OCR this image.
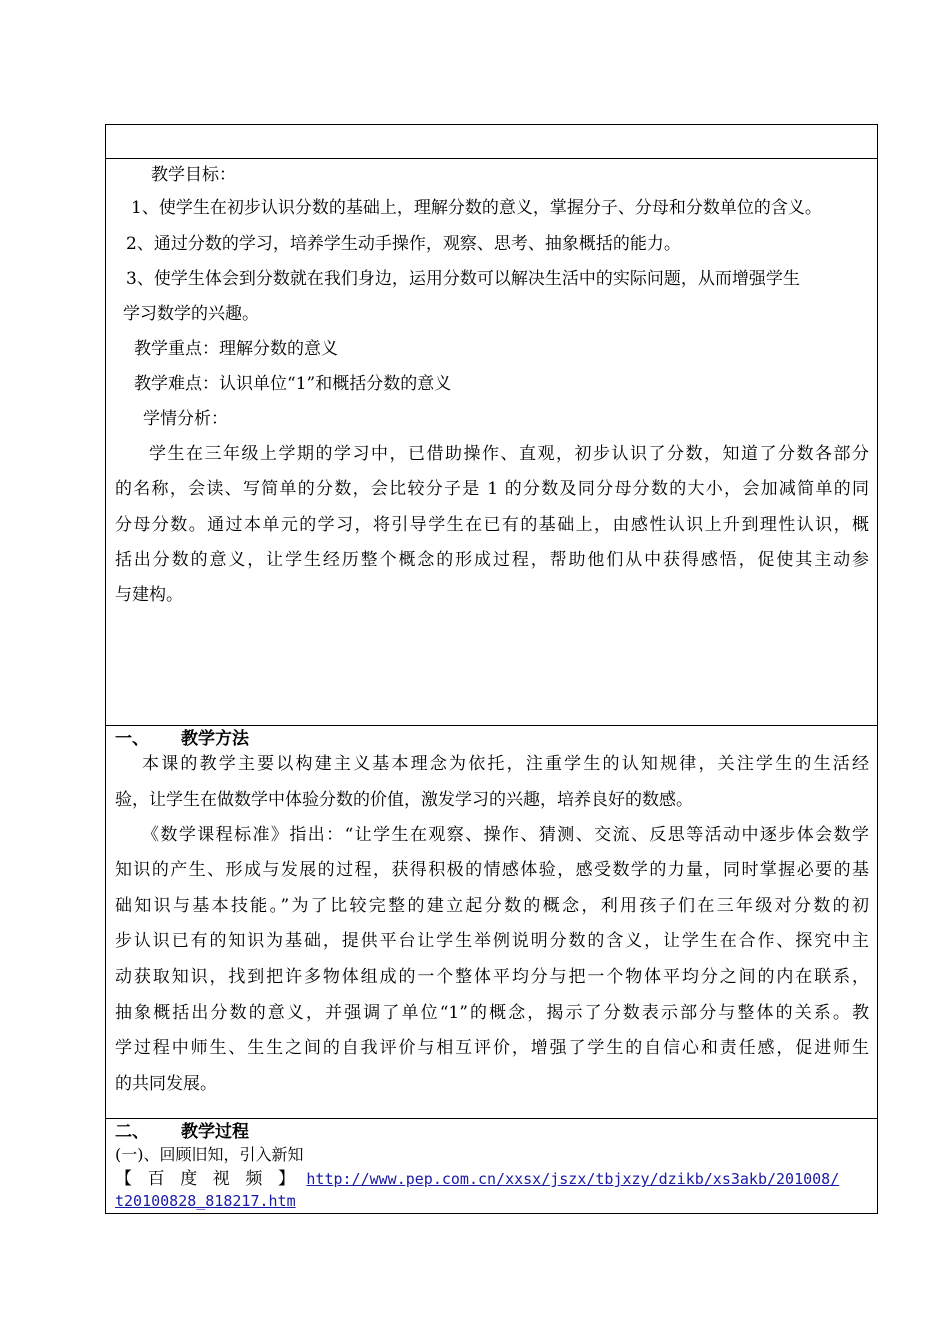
教学目标：
1、使学生在初步认识分数的基础上，理解分数的意义，掌握分子、分母和分数单位的含义。
2、通过分数的学习，培养学生动手操作，观察、思考、抽象概括的能力。
3、使学生体会到分数就在我们身边，运用分数可以解决生活中的实际问题，从而增强学生
学习数学的兴趣。
教学重点：理解分数的意义
教学难点：认识单位“1”和概括分数的意义
学情分析：
学生在三年级上学期的学习中，已借助操作、直观，初步认识了分数，知道了分数各部分
的名称，会读、写简单的分数，会比较分子是 1 的分数及同分母分数的大小，会加减简单的同
分母分数。通过本单元的学习，将引导学生在已有的基础上，由感性认识上升到理性认识，概
括出分数的意义，让学生经历整个概念的形成过程，帮助他们从中获得感悟，促使其主动参
与建构。
一、 教学方法
本课的教学主要以构建主义基本理念为依托，注重学生的认知规律，关注学生的生活经
验，让学生在做数学中体验分数的价值，激发学习的兴趣，培养良好的数感。
《数学课程标准》指出：“让学生在观察、操作、猜测、交流、反思等活动中逐步体会数学
知识的产生、形成与发展的过程，获得积极的情感体验，感受数学的力量，同时掌握必要的基
础知识与基本技能。”为了比较完整的建立起分数的概念，利用孩子们在三年级对分数的初
步认识已有的知识为基础，提供平台让学生举例说明分数的含义，让学生在合作、探究中主
动获取知识，找到把许多物体组成的一个整体平均分与把一个物体平均分之间的内在联系，
抽象概括出分数的意义，并强调了单位“1”的概念，揭示了分数表示部分与整体的关系。教
学过程中师生、生生之间的自我评价与相互评价，增强了学生的自信心和责任感，促进师生
的共同发展。
二、 教学过程
(一)、回顾旧知，引入新知
【 百 度 视 频 】 http://www.pep.com.cn/xxsx/jszx/tbjxzy/dzikb/xs3akb/201008/
t20100828_818217.htm
